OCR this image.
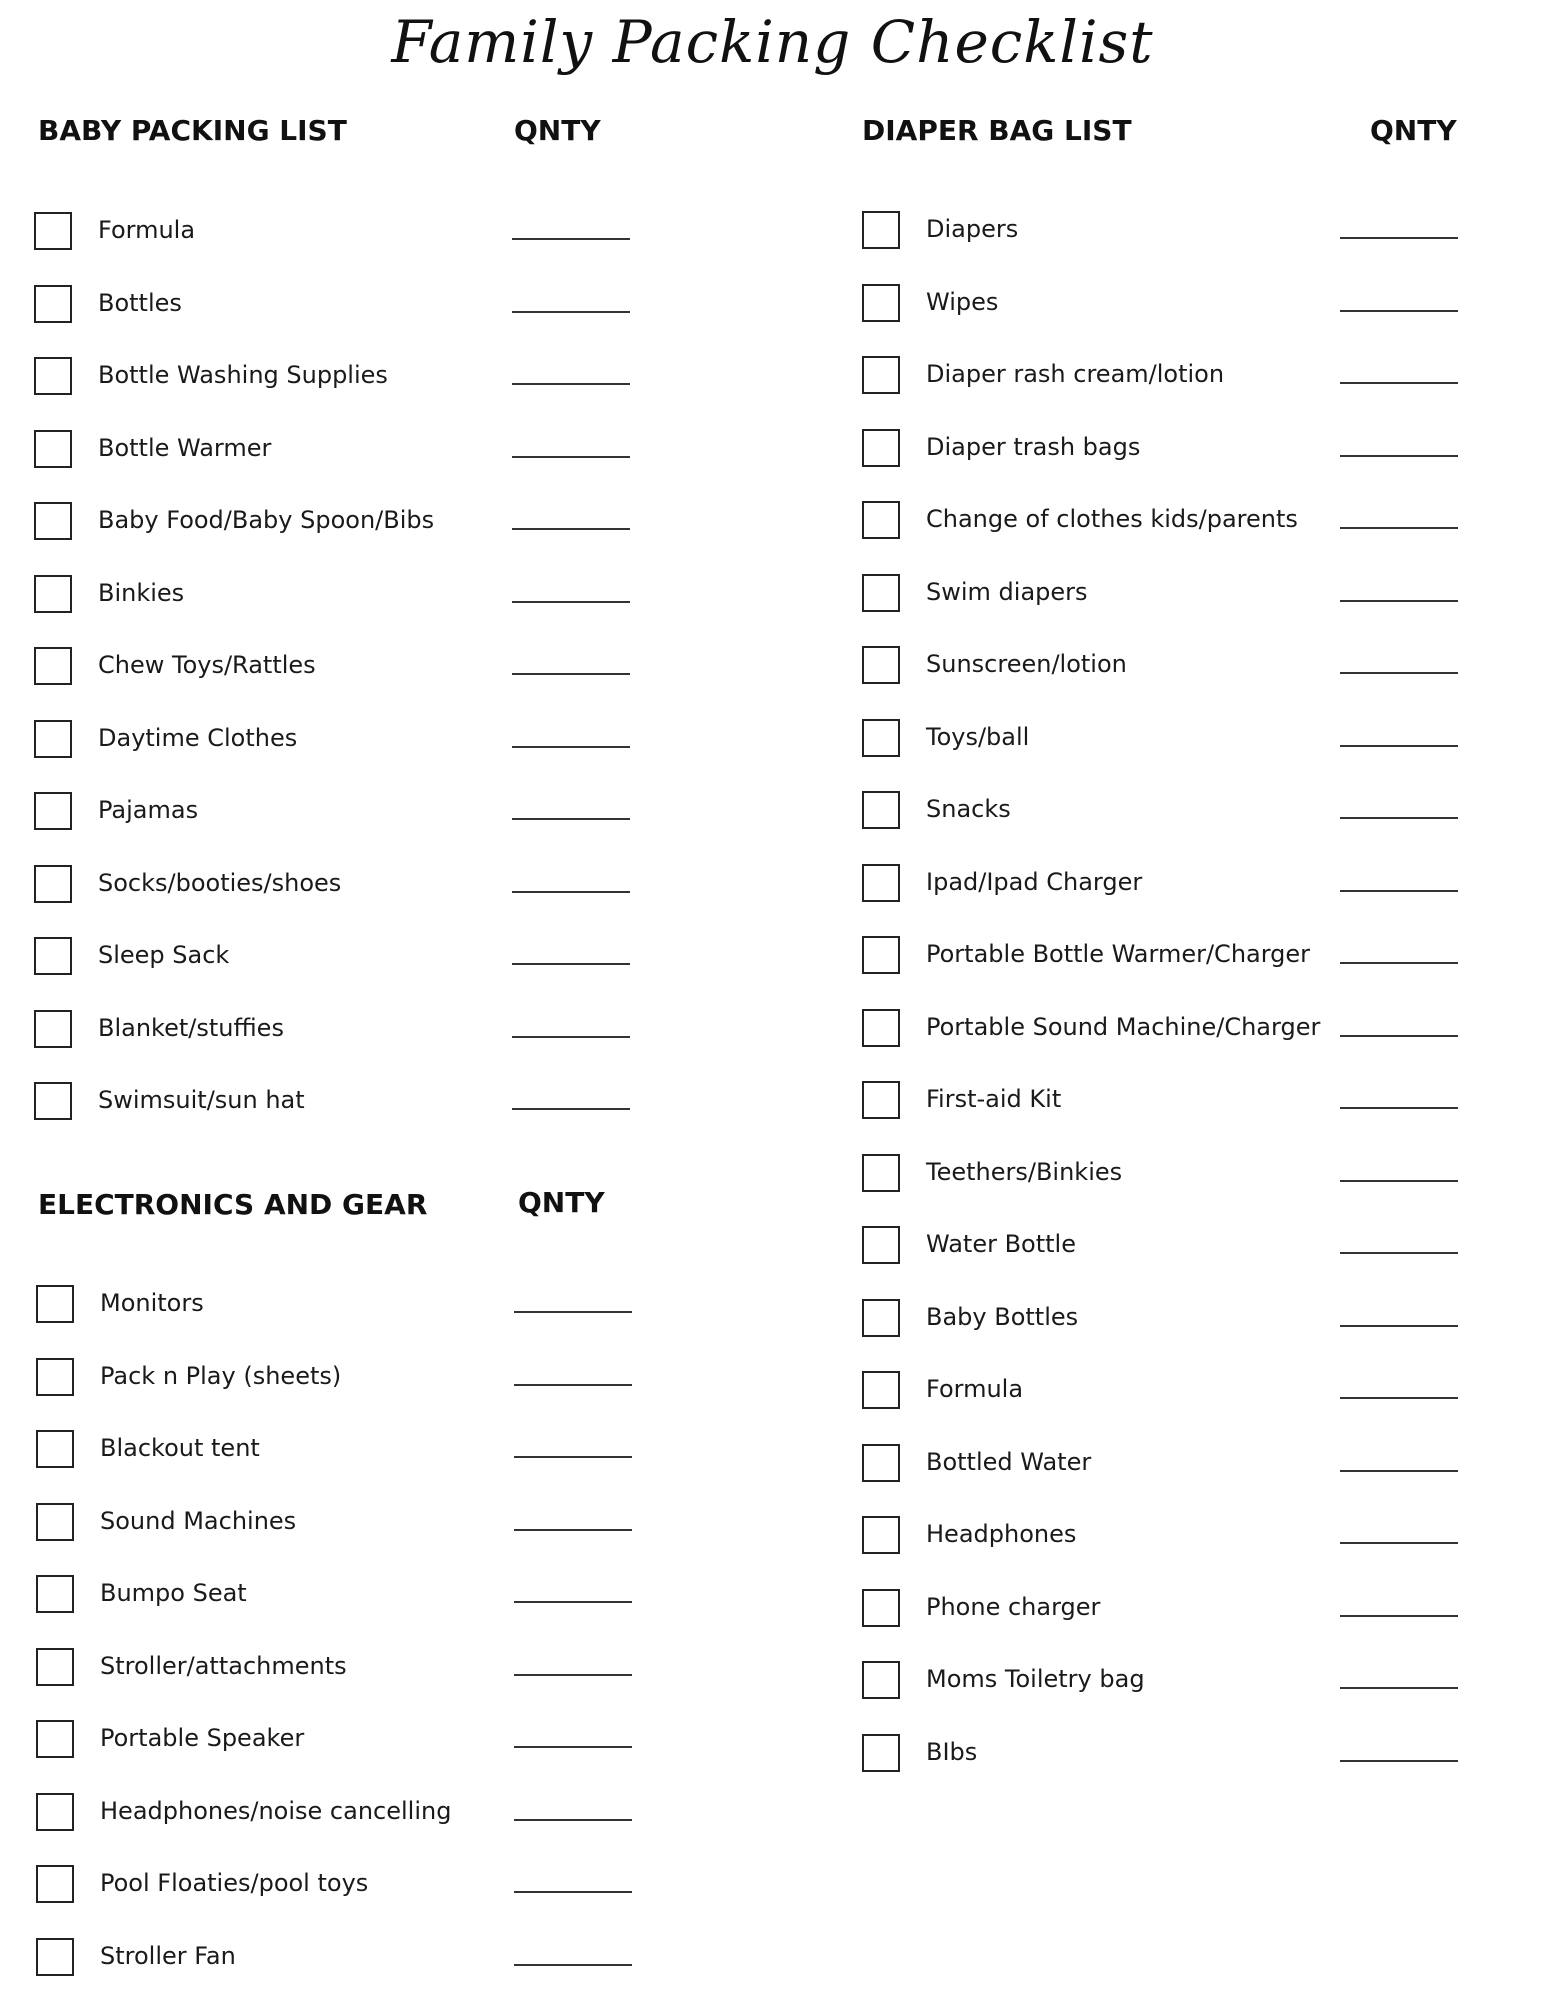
Family Packing Checklist
BABY PACKING LIST	QNTY
Formula
Bottles
Bottle Washing Supplies
Bottle Warmer
Baby Food/Baby Spoon/Bibs
Binkies
Chew Toys/Rattles
Daytime Clothes
Pajamas
Socks/booties/shoes
Sleep Sack
Blanket/stuffies
Swimsuit/sun hat
ELECTRONICS AND GEAR	QNTY
Monitors
Pack n Play (sheets)
Blackout tent
Sound Machines
Bumpo Seat
Stroller/attachments
Portable Speaker
Headphones/noise cancelling
Pool Floaties/pool toys
Stroller Fan
DIAPER BAG LIST	QNTY
Diapers
Wipes
Diaper rash cream/lotion
Diaper trash bags
Change of clothes kids/parents
Swim diapers
Sunscreen/lotion
Toys/ball
Snacks
Ipad/Ipad Charger
Portable Bottle Warmer/Charger
Portable Sound Machine/Charger
First-aid Kit
Teethers/Binkies
Water Bottle
Baby Bottles
Formula
Bottled Water
Headphones
Phone charger
Moms Toiletry bag
BIbs
